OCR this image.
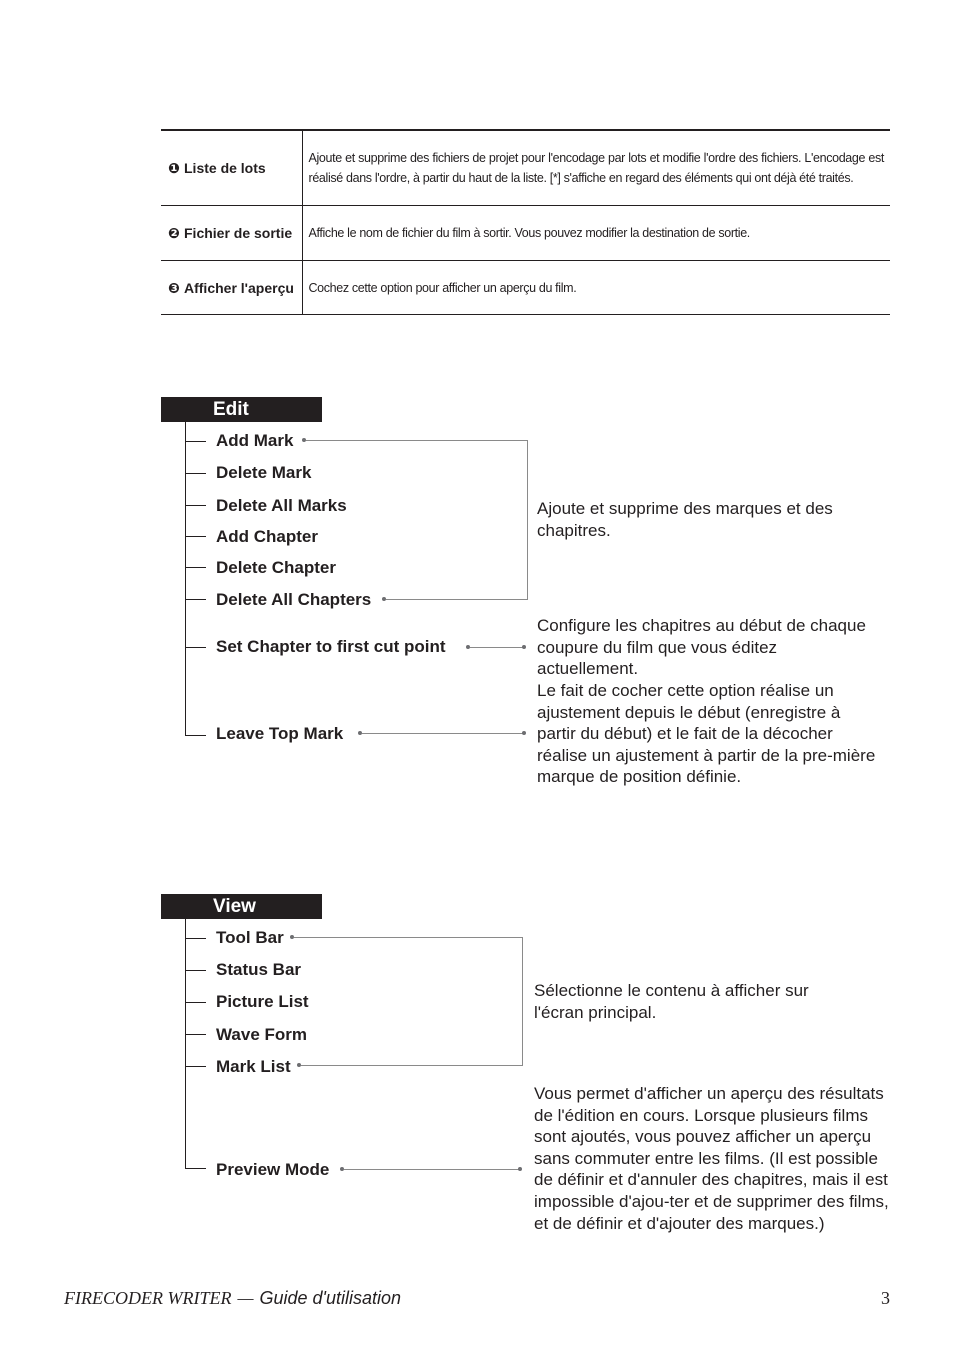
❶ Liste de lots	Ajoute et supprime des fichiers de projet pour l'encodage par lots et modifie l'ordre des fichiers. L'encodage est réalisé dans l'ordre, à partir du haut de la liste. [*] s'affiche en regard des éléments qui ont déjà été traités.

❷ Fichier de sortie	Affiche le nom de fichier du film à sortir. Vous pouvez modifier la destination de sortie.

❸ Afficher l'aperçu	Cochez cette option pour afficher un aperçu du film.
Edit
Add Mark
Delete Mark
Delete All Marks
Add Chapter
Delete Chapter
Delete All Chapters
Set Chapter to first cut point
Leave Top Mark
Ajoute et supprime des marques et des chapitres.
Configure les chapitres au début de chaque coupure du film que vous éditez actuellement.
Le fait de cocher cette option réalise un ajustement depuis le début (enregistre à partir du début) et le fait de la décocher réalise un ajustement à partir de la pre-mière marque de position définie.
View
Tool Bar
Status Bar
Picture List
Wave Form
Mark List
Preview Mode
Sélectionne le contenu à afficher sur l'écran principal.
Vous permet d'afficher un aperçu des résultats de l'édition en cours. Lorsque plusieurs films sont ajoutés, vous pouvez afficher un aperçu sans commuter entre les films. (Il est possible de définir et d'annuler des chapitres, mais il est impossible d'ajou-ter et de supprimer des films, et de définir et d'ajouter des marques.)
FIRECODER WRITER — Guide d'utilisation	3
